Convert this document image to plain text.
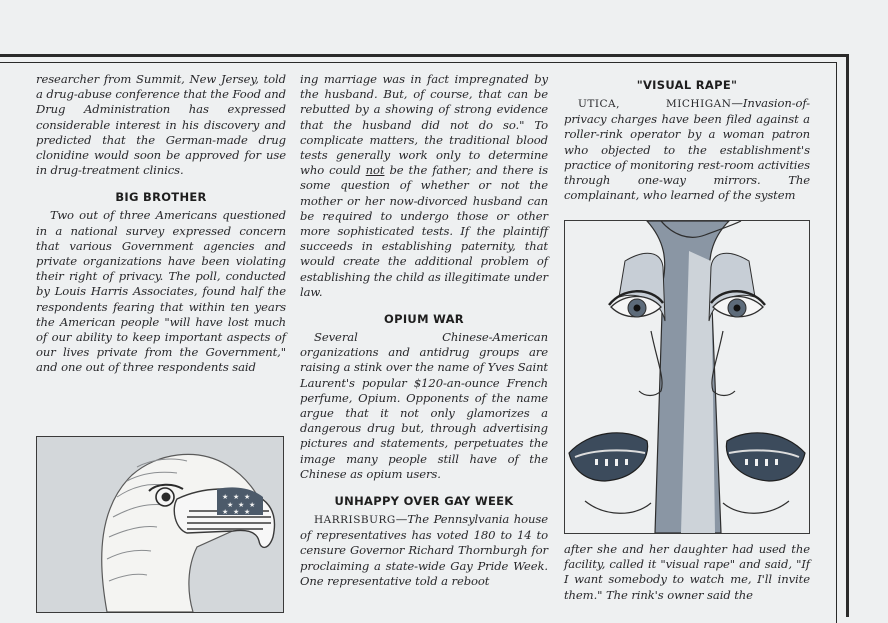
researcher from Summit, New Jersey, told a drug-abuse conference that the Food and Drug Administration has expressed considerable interest in his discovery and predicted that the German-made drug clonidine would soon be approved for use in drug-treatment clinics.

BIG BROTHER

Two out of three Americans questioned in a national survey expressed concern that various Government agencies and private organizations have been violating their right of privacy. The poll, conducted by Louis Harris Associates, found half the respondents fearing that within ten years the American people "will have lost much of our ability to keep important aspects of our lives private from the Government," and one out of three respondents said

★ ★ ★
★ ★ ★
★ ★ ★

ing marriage was in fact impregnated by the husband. But, of course, that can be rebutted by a showing of strong evidence that the husband did not do so." To complicate matters, the traditional blood tests generally work only to determine who could not be the father; and there is some question of whether or not the mother or her now-divorced husband can be required to undergo those or other more sophisticated tests. If the plaintiff succeeds in establishing paternity, that would create the additional problem of establishing the child as illegitimate under law.

OPIUM WAR

Several Chinese-American organizations and antidrug groups are raising a stink over the name of Yves Saint Laurent's popular $120-an-ounce French perfume, Opium. Opponents of the name argue that it not only glamorizes a dangerous drug but, through advertising pictures and statements, perpetuates the image many people still have of the Chinese as opium users.

UNHAPPY OVER GAY WEEK

HARRISBURG—The Pennsylvania house of representatives has voted 180 to 14 to censure Governor Richard Thornburgh for proclaiming a state-wide Gay Pride Week. One representative told a reboot

"VISUAL RAPE"

UTICA, MICHIGAN—Invasion-of-privacy charges have been filed against a roller-rink operator by a woman patron who objected to the establishment's practice of monitoring rest-room activities through one-way mirrors. The complainant, who learned of the system

after she and her daughter had used the facility, called it "visual rape" and said, "If I want somebody to watch me, I'll invite them." The rink's owner said the
